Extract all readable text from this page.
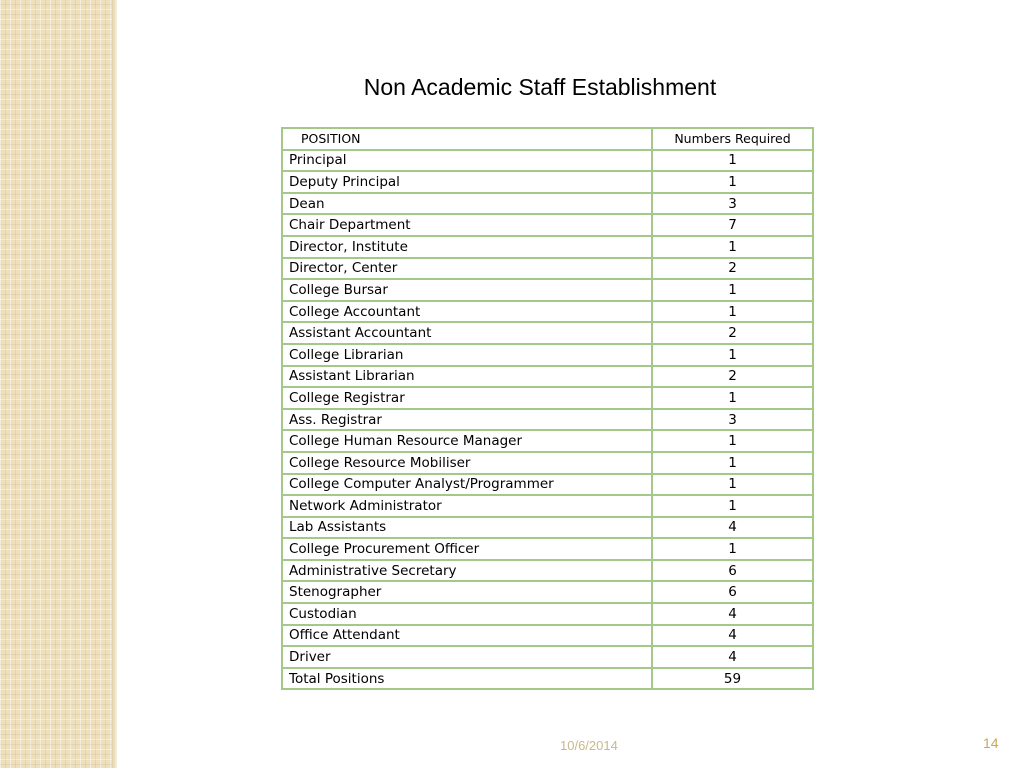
Non Academic Staff Establishment
POSITION	Numbers Required
Principal	1
Deputy Principal	1
Dean	3
Chair Department	7
Director, Institute	1
Director, Center	2
College Bursar	1
College Accountant	1
Assistant Accountant	2
College Librarian	1
Assistant Librarian	2
College Registrar	1
Ass. Registrar	3
College Human Resource Manager	1
College Resource Mobiliser	1
College Computer Analyst/Programmer	1
Network Administrator	1
Lab Assistants	4
College Procurement Officer	1
Administrative Secretary	6
Stenographer	6
Custodian	4
Office Attendant	4
Driver	4
Total Positions	59
10/6/2014	14
